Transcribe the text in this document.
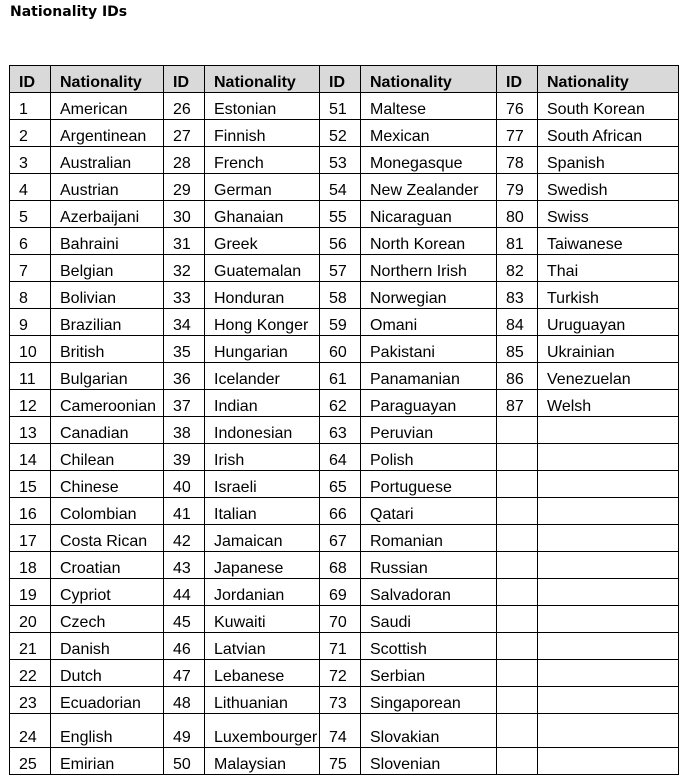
Nationality IDs
ID	Nationality	ID	Nationality	ID	Nationality	ID	Nationality
1	American	26	Estonian	51	Maltese	76	South Korean
2	Argentinean	27	Finnish	52	Mexican	77	South African
3	Australian	28	French	53	Monegasque	78	Spanish
4	Austrian	29	German	54	New Zealander	79	Swedish
5	Azerbaijani	30	Ghanaian	55	Nicaraguan	80	Swiss
6	Bahraini	31	Greek	56	North Korean	81	Taiwanese
7	Belgian	32	Guatemalan	57	Northern Irish	82	Thai
8	Bolivian	33	Honduran	58	Norwegian	83	Turkish
9	Brazilian	34	Hong Konger	59	Omani	84	Uruguayan
10	British	35	Hungarian	60	Pakistani	85	Ukrainian
11	Bulgarian	36	Icelander	61	Panamanian	86	Venezuelan
12	Cameroonian	37	Indian	62	Paraguayan	87	Welsh
13	Canadian	38	Indonesian	63	Peruvian		
14	Chilean	39	Irish	64	Polish		
15	Chinese	40	Israeli	65	Portuguese		
16	Colombian	41	Italian	66	Qatari		
17	Costa Rican	42	Jamaican	67	Romanian		
18	Croatian	43	Japanese	68	Russian		
19	Cypriot	44	Jordanian	69	Salvadoran		
20	Czech	45	Kuwaiti	70	Saudi		
21	Danish	46	Latvian	71	Scottish		
22	Dutch	47	Lebanese	72	Serbian		
23	Ecuadorian	48	Lithuanian	73	Singaporean		
24	English	49	Luxembourger	74	Slovakian		
25	Emirian	50	Malaysian	75	Slovenian		
